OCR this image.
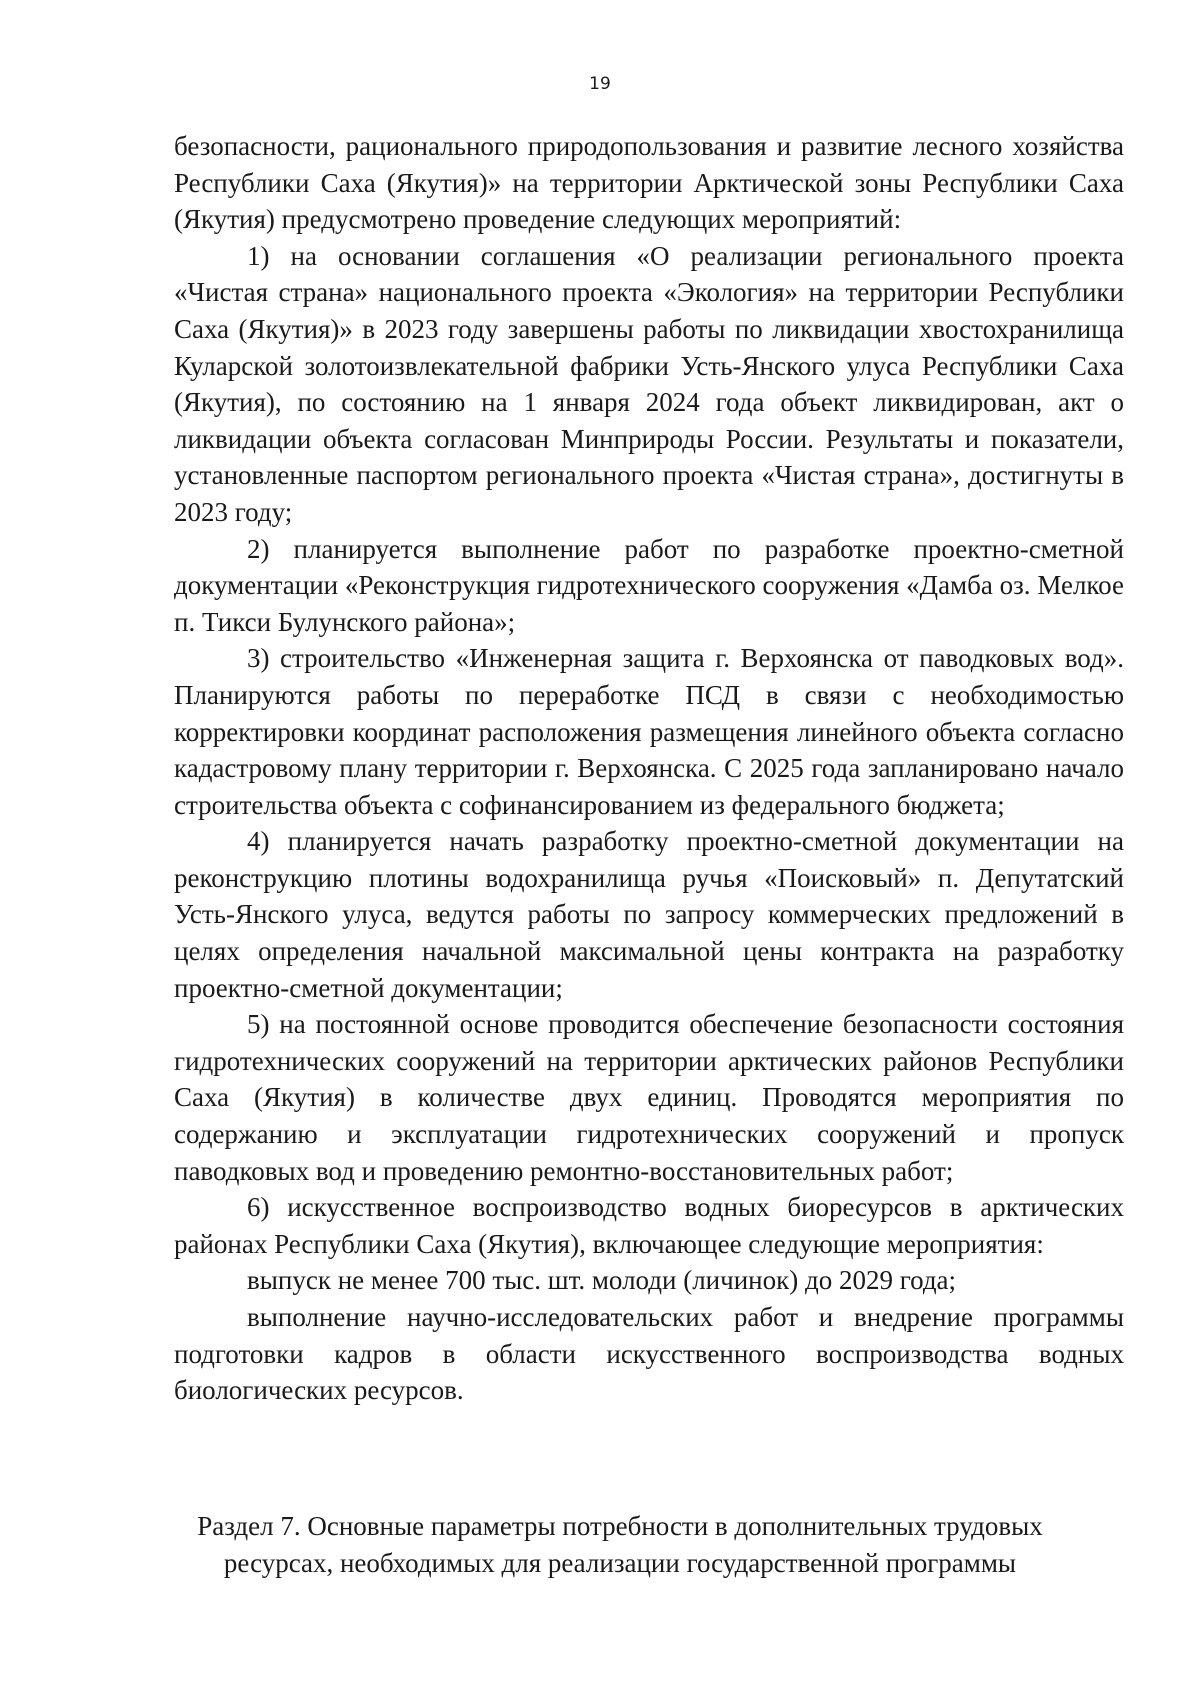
19

безопасности, рационального природопользования и развитие лесного хозяйства Республики Саха (Якутия)» на территории Арктической зоны Республики Саха (Якутия) предусмотрено проведение следующих мероприятий:

1) на основании соглашения «О реализации регионального проекта «Чистая страна» национального проекта «Экология» на территории Республики Саха (Якутия)» в 2023 году завершены работы по ликвидации хвостохранилища Куларской золотоизвлекательной фабрики Усть-Янского улуса Республики Саха (Якутия), по состоянию на 1 января 2024 года объект ликвидирован, акт о ликвидации объекта согласован Минприроды России. Результаты и показатели, установленные паспортом регионального проекта «Чистая страна», достигнуты в 2023 году;

2) планируется выполнение работ по разработке проектно-сметной документации «Реконструкция гидротехнического сооружения «Дамба оз. Мелкое п. Тикси Булунского района»;

3) строительство «Инженерная защита г. Верхоянска от паводковых вод». Планируются работы по переработке ПСД в связи с необходимостью корректировки координат расположения размещения линейного объекта согласно кадастровому плану территории г. Верхоянска. С 2025 года запланировано начало строительства объекта с софинансированием из федерального бюджета;

4) планируется начать разработку проектно-сметной документации на реконструкцию плотины водохранилища ручья «Поисковый» п. Депутатский Усть-Янского улуса, ведутся работы по запросу коммерческих предложений в целях определения начальной максимальной цены контракта на разработку проектно-сметной документации;

5) на постоянной основе проводится обеспечение безопасности состояния гидротехнических сооружений на территории арктических районов Республики Саха (Якутия) в количестве двух единиц. Проводятся мероприятия по содержанию и эксплуатации гидротехнических сооружений и пропуск паводковых вод и проведению ремонтно-восстановительных работ;

6) искусственное воспроизводство водных биоресурсов в арктических районах Республики Саха (Якутия), включающее следующие мероприятия:

выпуск не менее 700 тыс. шт. молоди (личинок) до 2029 года;

выполнение научно-исследовательских работ и внедрение программы подготовки кадров в области искусственного воспроизводства водных биологических ресурсов.

Раздел 7. Основные параметры потребности в дополнительных трудовых
ресурсах, необходимых для реализации государственной программы
